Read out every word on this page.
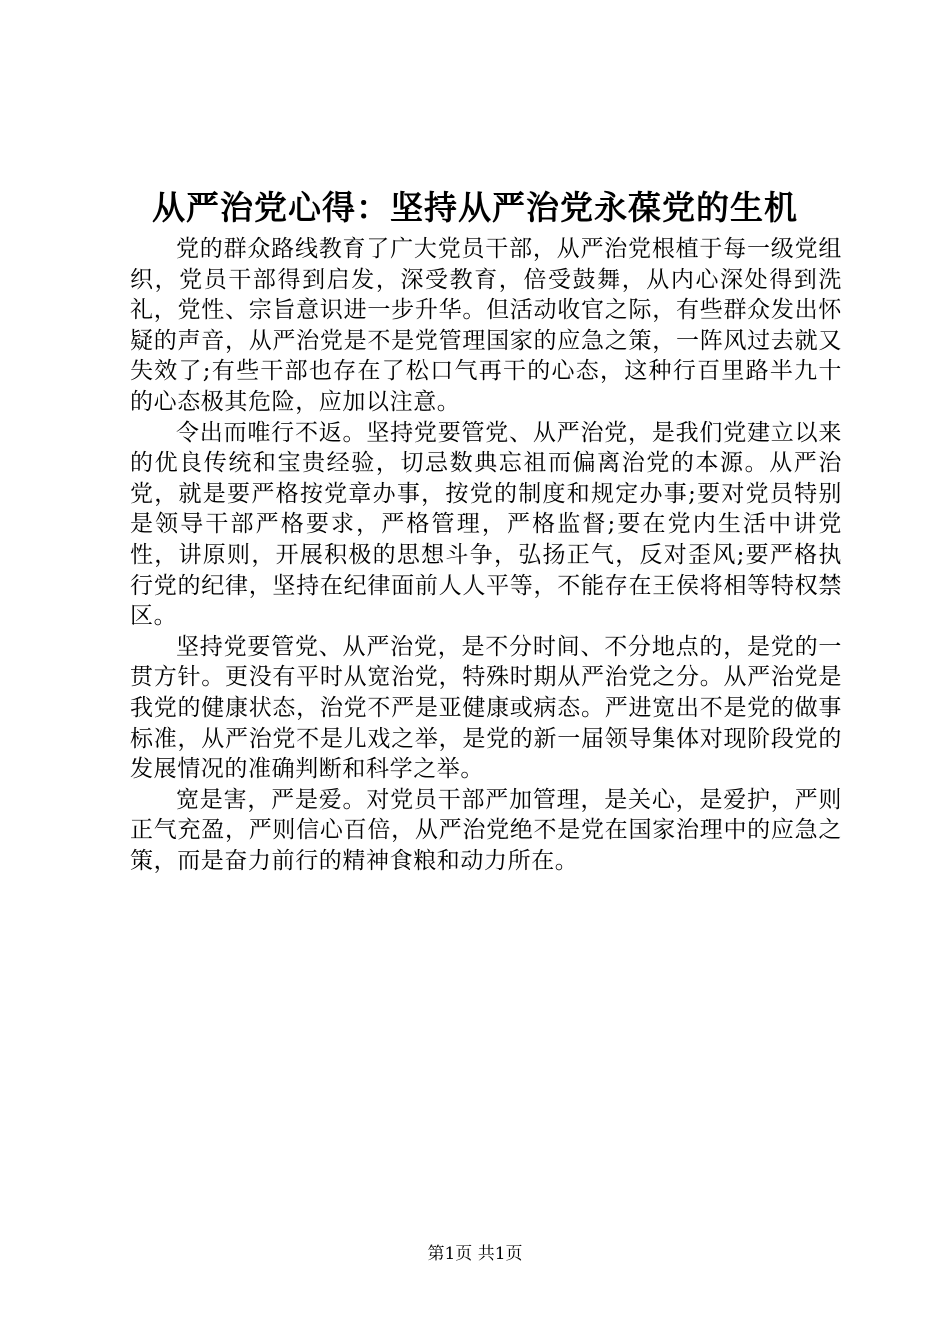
从严治党心得：坚持从严治党永葆党的生机

党的群众路线教育了广大党员干部，从严治党根植于每一级党组织，党员干部得到启发，深受教育，倍受鼓舞，从内心深处得到洗礼，党性、宗旨意识进一步升华。但活动收官之际，有些群众发出怀疑的声音，从严治党是不是党管理国家的应急之策，一阵风过去就又失效了;有些干部也存在了松口气再干的心态，这种行百里路半九十的心态极其危险，应加以注意。

令出而唯行不返。坚持党要管党、从严治党，是我们党建立以来的优良传统和宝贵经验，切忌数典忘祖而偏离治党的本源。从严治党，就是要严格按党章办事，按党的制度和规定办事;要对党员特别是领导干部严格要求，严格管理，严格监督;要在党内生活中讲党性，讲原则，开展积极的思想斗争，弘扬正气，反对歪风;要严格执行党的纪律，坚持在纪律面前人人平等，不能存在王侯将相等特权禁区。

坚持党要管党、从严治党，是不分时间、不分地点的，是党的一贯方针。更没有平时从宽治党，特殊时期从严治党之分。从严治党是我党的健康状态，治党不严是亚健康或病态。严进宽出不是党的做事标准，从严治党不是儿戏之举，是党的新一届领导集体对现阶段党的发展情况的准确判断和科学之举。

宽是害，严是爱。对党员干部严加管理，是关心，是爱护，严则正气充盈，严则信心百倍，从严治党绝不是党在国家治理中的应急之策，而是奋力前行的精神食粮和动力所在。

第1页 共1页
